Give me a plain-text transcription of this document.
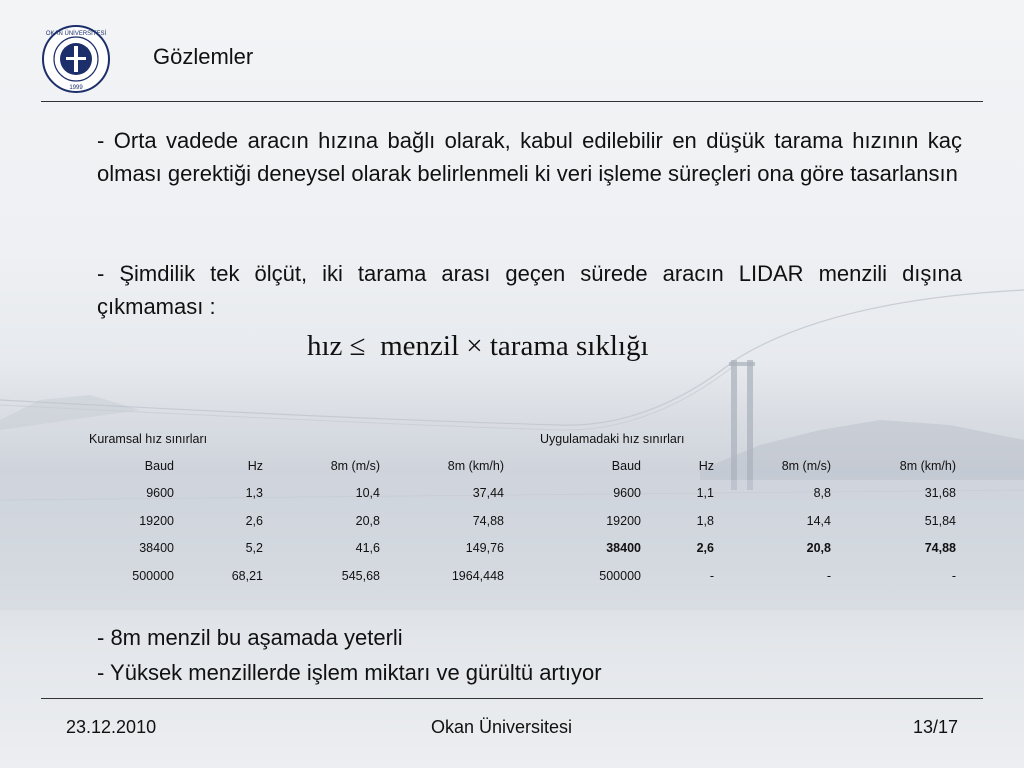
OKAN ÜNİVERSİTESİ
1999
Gözlemler
- Orta vadede aracın hızına bağlı olarak, kabul edilebilir en düşük tarama hızının kaç olması gerektiği deneysel olarak belirlenmeli ki veri işleme süreçleri ona göre tasarlansın
- Şimdilik tek ölçüt, iki tarama arası geçen sürede aracın LIDAR menzili dışına çıkmaması :
hız ≤  menzil × tarama sıklığı
Kuramsal hız sınırları
Baud	Hz	8m (m/s)	8m (km/h)
9600	1,3	10,4	37,44
19200	2,6	20,8	74,88
38400	5,2	41,6	149,76
500000	68,21	545,68	1964,448
Uygulamadaki hız sınırları
Baud	Hz	8m (m/s)	8m (km/h)
9600	1,1	8,8	31,68
19200	1,8	14,4	51,84
38400	2,6	20,8	74,88
500000	-	-	-
- 8m menzil bu aşamada yeterli
- Yüksek menzillerde işlem miktarı ve gürültü artıyor
23.12.2010	Okan Üniversitesi	13/17
